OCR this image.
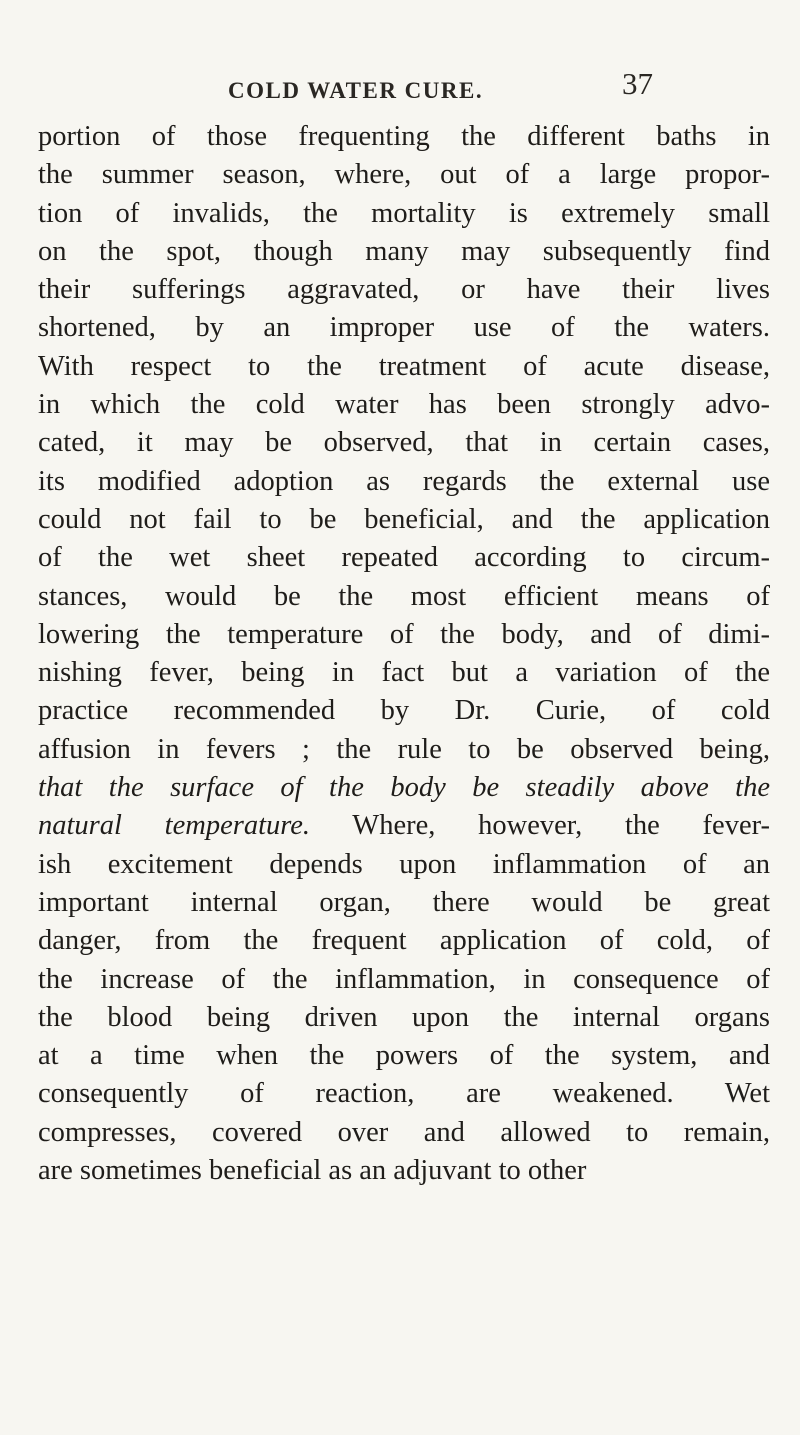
COLD WATER CURE.	37
portion of those frequenting the different baths in
the summer season, where, out of a large propor-
tion of invalids, the mortality is extremely small
on the spot, though many may subsequently find
their sufferings aggravated, or have their lives
shortened, by an improper use of the waters.
With respect to the treatment of acute disease,
in which the cold water has been strongly advo-
cated, it may be observed, that in certain cases,
its modified adoption as regards the external use
could not fail to be beneficial, and the application
of the wet sheet repeated according to circum-
stances, would be the most efficient means of
lowering the temperature of the body, and of dimi-
nishing fever, being in fact but a variation of the
practice recommended by Dr. Curie, of cold
affusion in fevers ; the rule to be observed being,
that the surface of the body be steadily above the
natural temperature. Where, however, the fever-
ish excitement depends upon inflammation of an
important internal organ, there would be great
danger, from the frequent application of cold, of
the increase of the inflammation, in consequence of
the blood being driven upon the internal organs
at a time when the powers of the system, and
consequently of reaction, are weakened. Wet
compresses, covered over and allowed to remain,
are sometimes beneficial as an adjuvant to other
